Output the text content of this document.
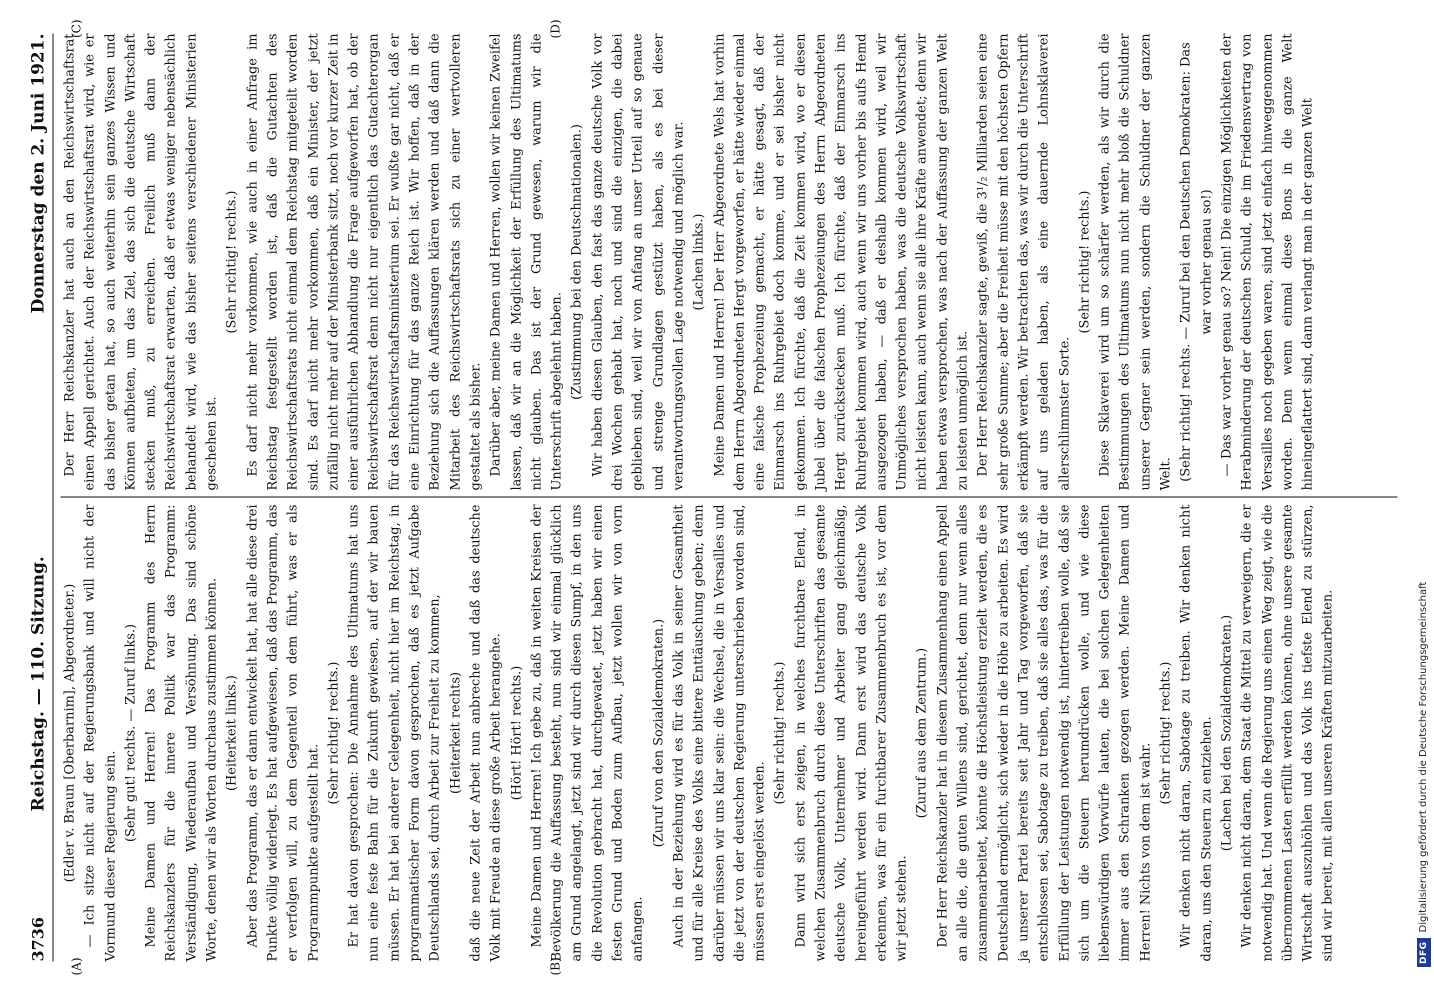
3736
Reichstag. — 110. Sitzung.
Donnerstag den 2. Juni 1921.
(A)	(B)

(Edler v. Braun [Oberbarnim], Abgeordneter.) — Ich sitze nicht auf der Regierungsbank und will nicht der Vormund dieser Regierung sein.

(Sehr gut! rechts. — Zuruf links.) Meine Damen und Herren! Das Programm des Herrn Reichskanzlers für die innere Politik war das Programm: Verständigung, Wiederaufbau und Versöhnung. Das sind schöne Worte, denen wir als Worten durchaus zustimmen können. (Heiterkeit links.) Aber das Programm, das er dann entwickelt hat, hat alle diese drei Punkte völlig widerlegt. Es hat aufgewiesen, daß das Programm, das er verfolgen will, zu dem Gegenteil von dem führt, was er als Programmpunkte aufgestellt hat.

(Sehr richtig! rechts.) Er hat davon gesprochen: Die Annahme des Ultimatums hat uns nun eine feste Bahn für die Zukunft gewiesen, auf der wir bauen müssen. Er hat bei anderer Gelegenheit, nicht hier im Reichstag, in programmatischer Form davon gesprochen, daß es jetzt Aufgabe Deutschlands sei, durch Arbeit zur Freiheit zu kommen, (Heiterkeit rechts) daß die neue Zeit der Arbeit nun anbreche und daß das deutsche Volk mit Freude an diese große Arbeit herangehe. (Hört! Hört! rechts.) Meine Damen und Herren! Ich gebe zu, daß in weiten Kreisen der Bevölkerung die Auffassung besteht, nun sind wir einmal glücklich am Grund angelangt, jetzt sind wir durch diesen Sumpf, in den uns die Revolution gebracht hat, durchgewatet, jetzt haben wir einen festen Grund und Boden zum Aufbau, jetzt wollen wir von vorn anfangen.

(Zuruf von den Sozialdemokraten.) Auch in der Beziehung wird es für das Volk in seiner Gesamtheit und für alle Kreise des Volks eine bittere Enttäuschung geben; denn darüber müssen wir uns klar sein: die Wechsel, die in Versailles und die jetzt von der deutschen Regierung unterschrieben worden sind, müssen erst eingelöst werden.

(Sehr richtig! rechts.) Dann wird sich erst zeigen, in welches furchtbare Elend, in welchen Zusammenbruch durch diese Unterschriften das gesamte deutsche Volk, Unternehmer und Arbeiter gang gleichmäßig, hereingeführt werden wird. Dann erst wird das deutsche Volk erkennen, was für ein furchtbarer Zusammenbruch es ist, vor dem wir jetzt stehen.

(Zuruf aus dem Zentrum.) Der Herr Reichskanzler hat in diesem Zusammenhang einen Appell an alle die, die guten Willens sind, gerichtet, denn nur wenn alles zusammenarbeitet, könnte die Höchstleistung erzielt werden, die es Deutschland ermöglicht, sich wieder in die Höhe zu arbeiten. Es wird ja unserer Partei bereits seit Jahr und Tag vorgeworfen, daß sie entschlossen sei, Sabotage zu treiben, daß sie alles das, was für die Erfüllung der Leistungen notwendig ist, hintertreiben wolle, daß sie sich um die Steuern herumdrücken wolle, und wie diese liebenswürdigen Vorwürfe lauten, die bei solchen Gelegenheiten immer aus den Schranken gezogen werden. Meine Damen und Herren! Nichts von dem ist wahr.

(Sehr richtig! rechts.) Wir denken nicht daran, Sabotage zu treiben. Wir denken nicht daran, uns den Steuern zu entziehen. (Lachen bei den Sozialdemokraten.) Wir denken nicht daran, dem Staat die Mittel zu verweigern, die er notwendig hat. Und wenn die Regierung uns einen Weg zeigt, wie die übernommenen Lasten erfüllt werden können, ohne unsere gesamte Wirtschaft auszuhöhlen und das Volk ins tiefste Elend zu stürzen, sind wir bereit, mit allen unseren Kräften mitzuarbeiten.

(C)	(D)

Der Herr Reichskanzler hat auch an den Reichswirtschaftsrat einen Appell gerichtet. Auch der Reichswirtschaftsrat wird, wie er das bisher getan hat, so auch weiterhin sein ganzes Wissen und Können aufbieten, um das Ziel, das sich die deutsche Wirtschaft stecken muß, zu erreichen. Freilich muß dann der Reichswirtschaftsrat erwarten, daß er etwas weniger nebensächlich behandelt wird, wie das bisher seitens verschiedener Ministerien geschehen ist.

(Sehr richtig! rechts.) Es darf nicht mehr vorkommen, wie auch in einer Anfrage im Reichstag festgestellt worden ist, daß die Gutachten des Reichswirtschaftsrats nicht einmal dem Reichstag mitgeteilt worden sind. Es darf nicht mehr vorkommen, daß ein Minister, der jetzt zufällig nicht mehr auf der Ministerbank sitzt, noch vor kurzer Zeit in einer ausführlichen Abhandlung die Frage aufgeworfen hat, ob der Reichswirtschaftsrat denn nicht nur eigentlich das Gutachterorgan für das Reichswirtschaftsministerium sei. Er wußte gar nicht, daß er eine Einrichtung für das ganze Reich ist. Wir hoffen, daß in der Beziehung sich die Auffassungen klären werden und daß dann die Mitarbeit des Reichswirtschaftsrats sich zu einer wertvolleren gestaltet als bisher. Darüber aber, meine Damen und Herren, wollen wir keinen Zweifel lassen, daß wir an die Möglichkeit der Erfüllung des Ultimatums nicht glauben. Das ist der Grund gewesen, warum wir die Unterschrift abgelehnt haben. (Zustimmung bei den Deutschnationalen.) Wir haben diesen Glauben, den fast das ganze deutsche Volk vor drei Wochen gehabt hat, noch und sind die einzigen, die dabei geblieben sind, weil wir von Anfang an unser Urteil auf so genaue und strenge Grundlagen gestützt haben, als es bei dieser verantwortungsvollen Lage notwendig und möglich war. (Lachen links.) Meine Damen und Herren! Der Herr Abgeordnete Wels hat vorhin dem Herrn Abgeordneten Hergt vorgeworfen, er hätte wieder einmal eine falsche Prophezeiung gemacht, er hätte gesagt, daß der Einmarsch ins Ruhrgebiet doch komme, und er sei bisher nicht gekommen. Ich fürchte, daß die Zeit kommen wird, wo er diesen Jubel über die falschen Prophezeiungen des Herrn Abgeordneten Hergt zurückstecken muß. Ich fürchte, daß der Einmarsch ins Ruhrgebiet kommen wird, auch wenn wir uns vorher bis aufs Hemd ausgezogen haben, — daß er deshalb kommen wird, weil wir Unmögliches versprochen haben, was die deutsche Volkswirtschaft nicht leisten kann, auch wenn sie alle ihre Kräfte anwendet; denn wir haben etwas versprochen, was nach der Auffassung der ganzen Welt zu leisten unmöglich ist. Der Herr Reichskanzler sagte, gewiß, die 3¹/₂ Milliarden seien eine sehr große Summe; aber die Freiheit müsse mit den höchsten Opfern erkämpft werden. Wir betrachten das, was wir durch die Unterschrift auf uns geladen haben, als eine dauernde Lohnsklaverei allerschlimmster Sorte.

(Sehr richtig! rechts.) Diese Sklaverei wird um so schärfer werden, als wir durch die Bestimmungen des Ultimatums nun nicht mehr bloß die Schuldner unserer Gegner sein werden, sondern die Schuldner der ganzen Welt. (Sehr richtig! rechts. — Zuruf bei den Deutschen Demokraten: Das war vorher genau so!) — Das war vorher genau so? Nein! Die einzigen Möglichkeiten der Herabminderung der deutschen Schuld, die im Friedensvertrag von Versailles noch gegeben waren, sind jetzt einfach hinweggenommen worden. Denn wenn einmal diese Bons in die ganze Welt hineingeflattert sind, dann verlangt man in der ganzen Welt

DFGDigitalisierung gefördert durch die Deutsche Forschungsgemeinschaft
